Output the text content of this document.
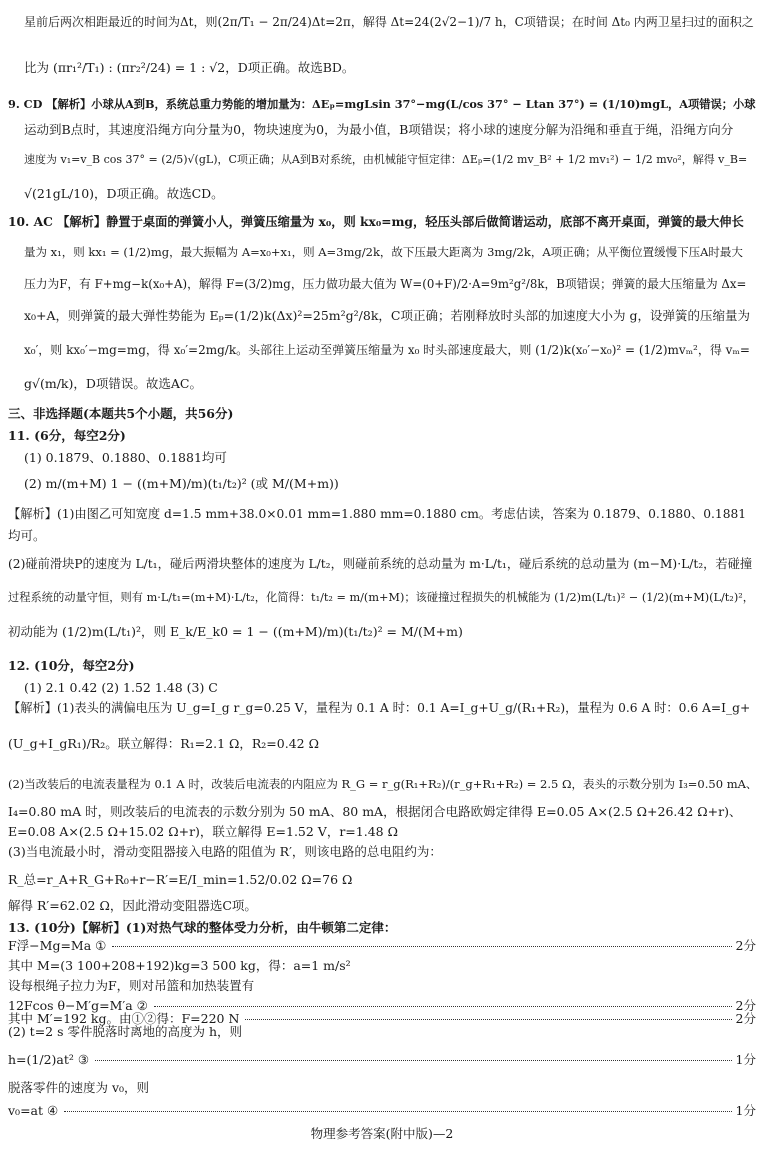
星前后两次相距最近的时间为Δt，则(2π/T₁ − 2π/24)Δt=2π，解得 Δt=24(2√2−1)/7 h，C项错误；在时间 Δt₀ 内两卫星扫过的面积之
比为 (πr₁²/T₁) : (πr₂²/24) = 1 : √2，D项正确。故选BD。
9. CD 【解析】小球从A到B，系统总重力势能的增加量为：ΔEₚ=mgLsin 37°−mg(L/cos 37° − Ltan 37°) = (1/10)mgL，A项错误；小球
运动到B点时，其速度沿绳方向分量为0，物块速度为0，为最小值，B项错误；将小球的速度分解为沿绳和垂直于绳，沿绳方向分
速度为 v₁=v_B cos 37° = (2/5)√(gL)，C项正确；从A到B对系统，由机械能守恒定律：ΔEₚ=(1/2 mv_B² + 1/2 mv₁²) − 1/2 mv₀²，解得 v_B=
√(21gL/10)，D项正确。故选CD。
10. AC 【解析】静置于桌面的弹簧小人，弹簧压缩量为 x₀，则 kx₀=mg，轻压头部后做简谐运动，底部不离开桌面，弹簧的最大伸长
量为 x₁，则 kx₁ = (1/2)mg，最大振幅为 A=x₀+x₁，则 A=3mg/2k，故下压最大距离为 3mg/2k，A项正确；从平衡位置缓慢下压A时最大
压力为F，有 F+mg−k(x₀+A)，解得 F=(3/2)mg，压力做功最大值为 W=(0+F)/2·A=9m²g²/8k，B项错误；弹簧的最大压缩量为 Δx=
x₀+A，则弹簧的最大弹性势能为 Eₚ=(1/2)k(Δx)²=25m²g²/8k，C项正确；若刚释放时头部的加速度大小为 g，设弹簧的压缩量为
x₀′，则 kx₀′−mg=mg，得 x₀′=2mg/k。头部往上运动至弹簧压缩量为 x₀ 时头部速度最大，则 (1/2)k(x₀′−x₀)² = (1/2)mvₘ²，得 vₘ=
g√(m/k)，D项错误。故选AC。
三、非选择题(本题共5个小题，共56分)
11. (6分，每空2分)
(1) 0.1879、0.1880、0.1881均可
(2) m/(m+M) 1 − ((m+M)/m)(t₁/t₂)² (或 M/(M+m))
【解析】(1)由图乙可知宽度 d=1.5 mm+38.0×0.01 mm=1.880 mm=0.1880 cm。考虑估读，答案为 0.1879、0.1880、0.1881
均可。
(2)碰前滑块P的速度为 L/t₁，碰后两滑块整体的速度为 L/t₂，则碰前系统的总动量为 m·L/t₁，碰后系统的总动量为 (m−M)·L/t₂，若碰撞
过程系统的动量守恒，则有 m·L/t₁=(m+M)·L/t₂，化简得：t₁/t₂ = m/(m+M)；该碰撞过程损失的机械能为 (1/2)m(L/t₁)² − (1/2)(m+M)(L/t₂)²，
初动能为 (1/2)m(L/t₁)²，则 E_k/E_k0 = 1 − ((m+M)/m)(t₁/t₂)² = M/(M+m)
12. (10分，每空2分)
(1) 2.1 0.42 (2) 1.52 1.48 (3) C
【解析】(1)表头的满偏电压为 U_g=I_g r_g=0.25 V，量程为 0.1 A 时：0.1 A=I_g+U_g/(R₁+R₂)，量程为 0.6 A 时：0.6 A=I_g+
(U_g+I_gR₁)/R₂。联立解得：R₁=2.1 Ω，R₂=0.42 Ω
(2)当改装后的电流表量程为 0.1 A 时，改装后电流表的内阻应为 R_G = r_g(R₁+R₂)/(r_g+R₁+R₂) = 2.5 Ω，表头的示数分别为 I₃=0.50 mA、
I₄=0.80 mA 时，则改装后的电流表的示数分别为 50 mA、80 mA，根据闭合电路欧姆定律得 E=0.05 A×(2.5 Ω+26.42 Ω+r)、
E=0.08 A×(2.5 Ω+15.02 Ω+r)，联立解得 E=1.52 V，r=1.48 Ω
(3)当电流最小时，滑动变阻器接入电路的阻值为 R′，则该电路的总电阻约为：
R_总=r_A+R_G+R₀+r−R′=E/I_min=1.52/0.02 Ω=76 Ω
解得 R′=62.02 Ω，因此滑动变阻器选C项。
13. (10分)【解析】(1)对热气球的整体受力分析，由牛顿第二定律：
其中 M=(3 100+208+192)kg=3 500 kg，得：a=1 m/s²
设每根绳子拉力为F，则对吊篮和加热装置有
(2) t=2 s 零件脱落时离地的高度为 h，则
脱落零件的速度为 v₀，则
F浮−Mg=Ma ①	2分
12Fcos θ−M′g=M′a ②	2分
其中 M′=192 kg。由①②得：F=220 N	2分
h=(1/2)at² ③	1分
v₀=at ④	1分
物理参考答案(附中版)—2
